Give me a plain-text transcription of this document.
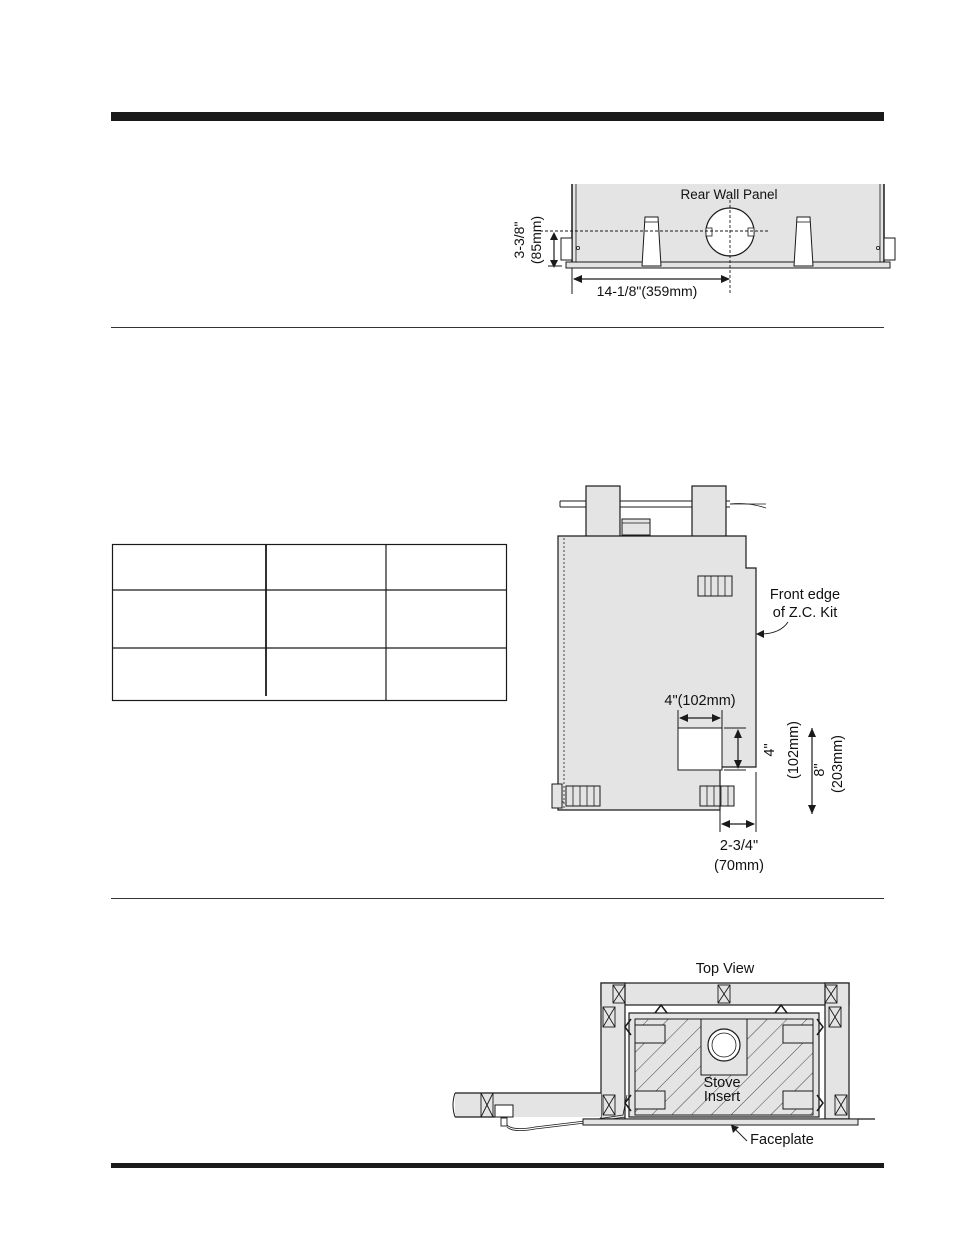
Rear Wall Panel
3-3/8" (85mm)
14-1/8"(359mm)
Front edge
of Z.C. Kit
4"(102mm)
4" (102mm) 8" (203mm)
2-3/4"
(70mm)
Top View
Stove
Insert
Faceplate
